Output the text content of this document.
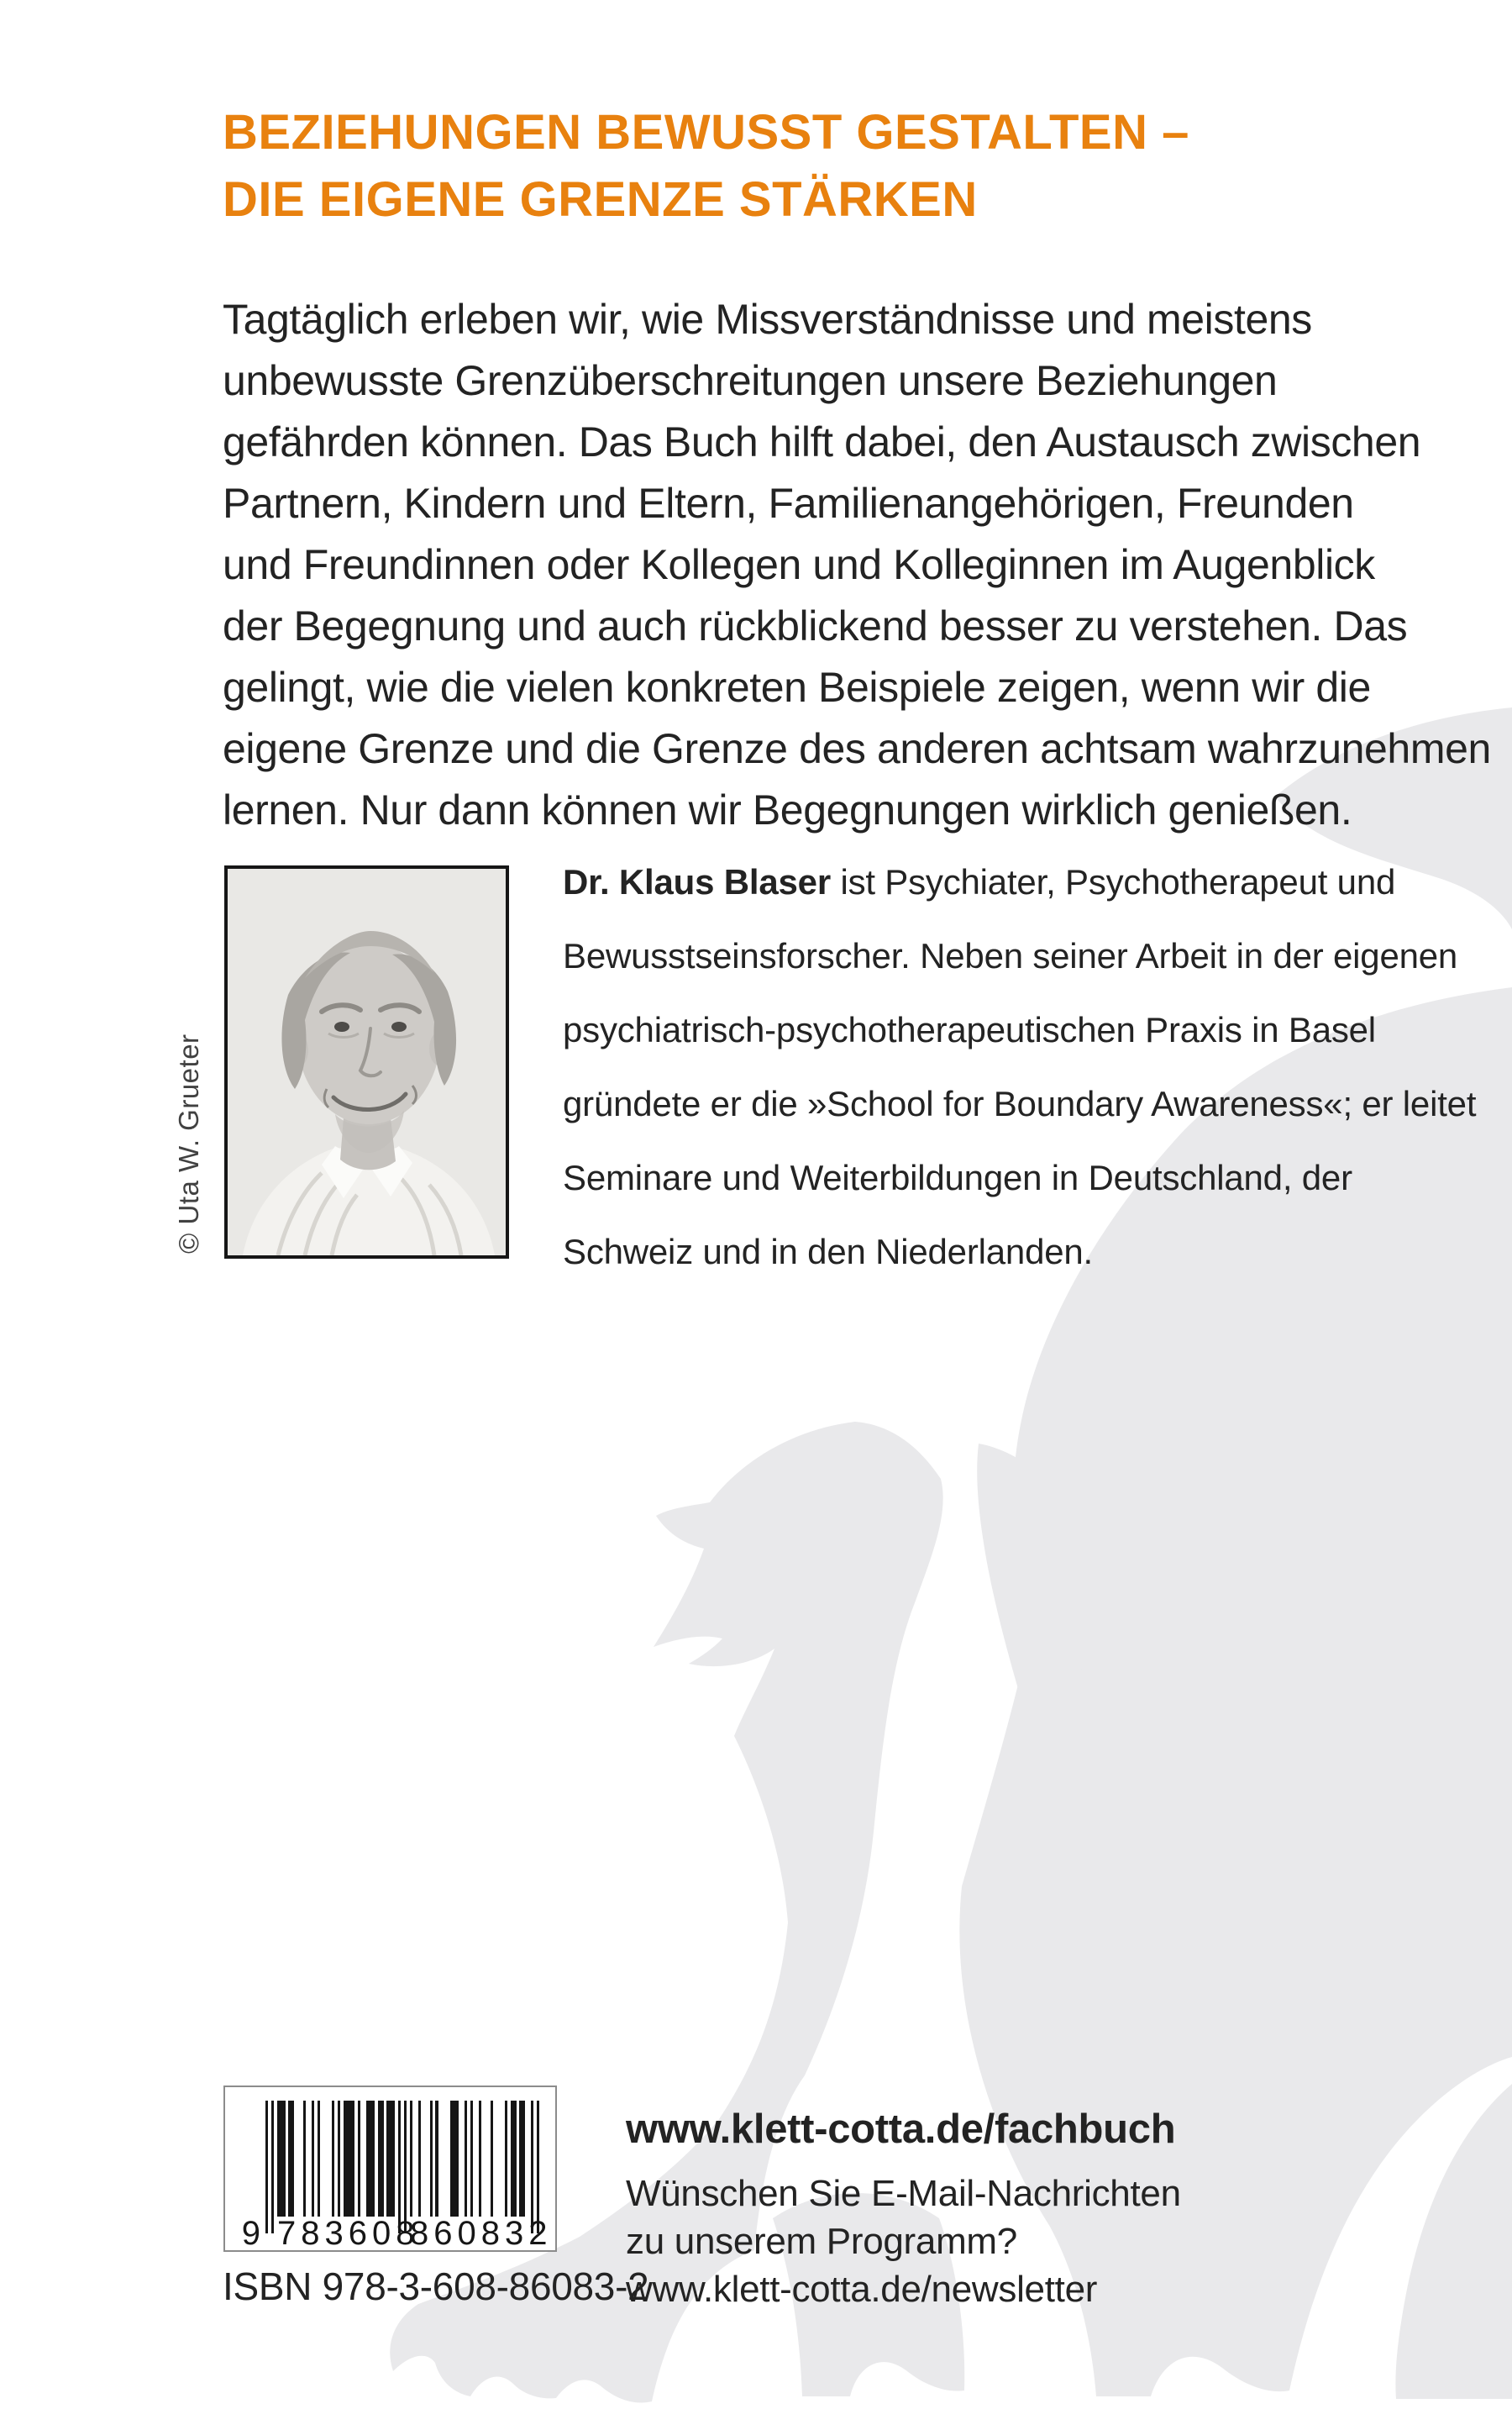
BEZIEHUNGEN BEWUSST GESTALTEN –
DIE EIGENE GRENZE STÄRKEN
Tagtäglich erleben wir, wie Missverständnisse und meistens
unbewusste Grenzüberschreitungen unsere Beziehungen
gefährden können. Das Buch hilft dabei, den Austausch zwischen
Partnern, Kindern und Eltern, Familienangehörigen, Freunden
und Freundinnen oder Kollegen und Kolleginnen im Augenblick
der Begegnung und auch rückblickend besser zu verstehen. Das
gelingt, wie die vielen konkreten Beispiele zeigen, wenn wir die
eigene Grenze und die Grenze des anderen achtsam wahrzunehmen
lernen. Nur dann können wir Begegnungen wirklich genießen.
© Uta W. Grueter
Dr. Klaus Blaser ist Psychiater, Psychotherapeut und
Bewusstseinsforscher. Neben seiner Arbeit in der eigenen
psychiatrisch-psychotherapeutischen Praxis in Basel
gründete er die »School for Boundary Awareness«; er leitet
Seminare und Weiterbildungen in Deutschland, der
Schweiz und in den Niederlanden.
9 783608
860832
ISBN 978-3-608-86083-2
www.klett-cotta.de/fachbuch
Wünschen Sie E-Mail-Nachrichten
zu unserem Programm?
www.klett-cotta.de/newsletter
